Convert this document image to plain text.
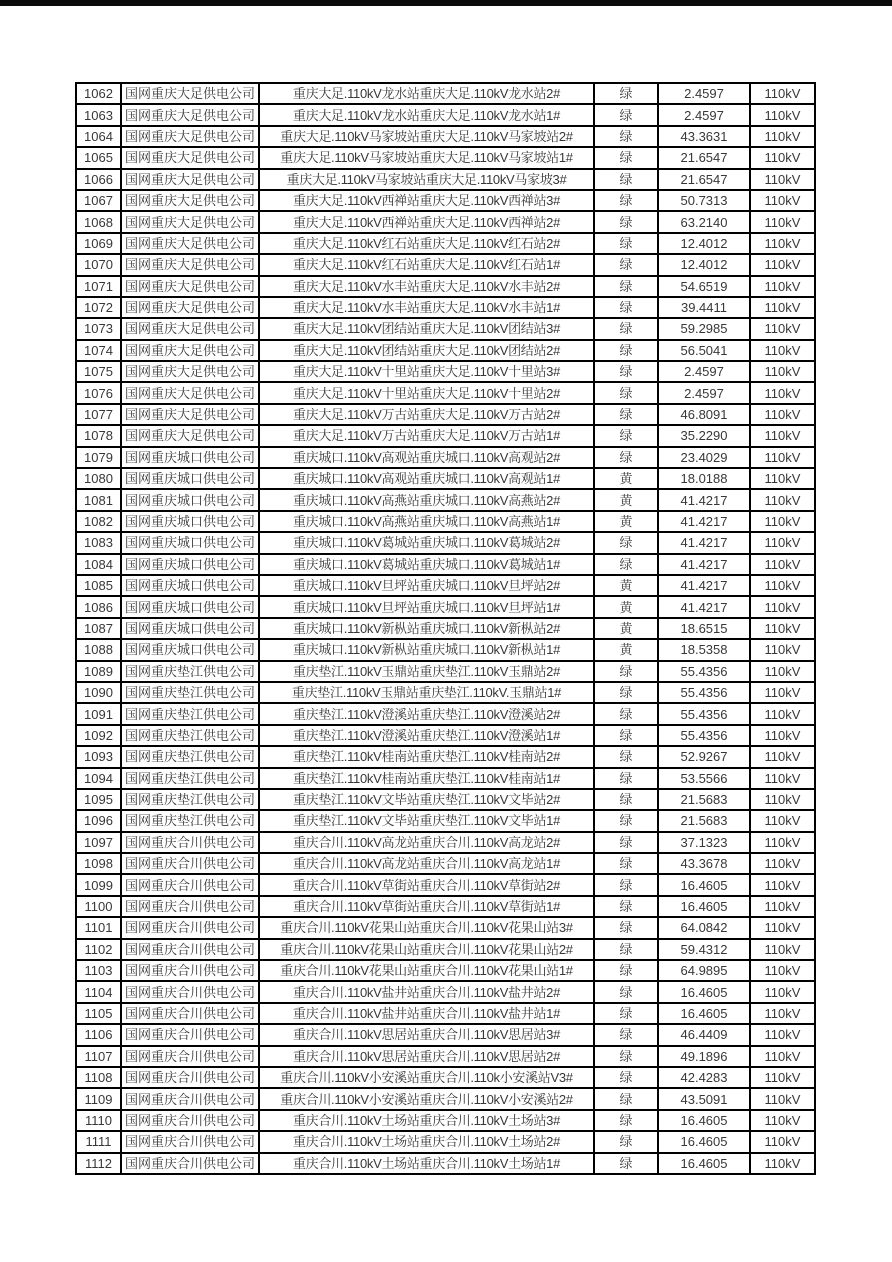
1062	国网重庆大足供电公司	重庆大足.110kV龙水站重庆大足.110kV龙水站2#	绿	2.4597	110kV
1063	国网重庆大足供电公司	重庆大足.110kV龙水站重庆大足.110kV龙水站1#	绿	2.4597	110kV
1064	国网重庆大足供电公司	重庆大足.110kV马家坡站重庆大足.110kV马家坡站2#	绿	43.3631	110kV
1065	国网重庆大足供电公司	重庆大足.110kV马家坡站重庆大足.110kV马家坡站1#	绿	21.6547	110kV
1066	国网重庆大足供电公司	重庆大足.110kV马家坡站重庆大足.110kV马家坡3#	绿	21.6547	110kV
1067	国网重庆大足供电公司	重庆大足.110kV西禅站重庆大足.110kV西禅站3#	绿	50.7313	110kV
1068	国网重庆大足供电公司	重庆大足.110kV西禅站重庆大足.110kV西禅站2#	绿	63.2140	110kV
1069	国网重庆大足供电公司	重庆大足.110kV红石站重庆大足.110kV红石站2#	绿	12.4012	110kV
1070	国网重庆大足供电公司	重庆大足.110kV红石站重庆大足.110kV红石站1#	绿	12.4012	110kV
1071	国网重庆大足供电公司	重庆大足.110kV水丰站重庆大足.110kV水丰站2#	绿	54.6519	110kV
1072	国网重庆大足供电公司	重庆大足.110kV水丰站重庆大足.110kV水丰站1#	绿	39.4411	110kV
1073	国网重庆大足供电公司	重庆大足.110kV团结站重庆大足.110kV团结站3#	绿	59.2985	110kV
1074	国网重庆大足供电公司	重庆大足.110kV团结站重庆大足.110kV团结站2#	绿	56.5041	110kV
1075	国网重庆大足供电公司	重庆大足.110kV十里站重庆大足.110kV十里站3#	绿	2.4597	110kV
1076	国网重庆大足供电公司	重庆大足.110kV十里站重庆大足.110kV十里站2#	绿	2.4597	110kV
1077	国网重庆大足供电公司	重庆大足.110kV万古站重庆大足.110kV万古站2#	绿	46.8091	110kV
1078	国网重庆大足供电公司	重庆大足.110kV万古站重庆大足.110kV万古站1#	绿	35.2290	110kV
1079	国网重庆城口供电公司	重庆城口.110kV高观站重庆城口.110kV高观站2#	绿	23.4029	110kV
1080	国网重庆城口供电公司	重庆城口.110kV高观站重庆城口.110kV高观站1#	黄	18.0188	110kV
1081	国网重庆城口供电公司	重庆城口.110kV高燕站重庆城口.110kV高燕站2#	黄	41.4217	110kV
1082	国网重庆城口供电公司	重庆城口.110kV高燕站重庆城口.110kV高燕站1#	黄	41.4217	110kV
1083	国网重庆城口供电公司	重庆城口.110kV葛城站重庆城口.110kV葛城站2#	绿	41.4217	110kV
1084	国网重庆城口供电公司	重庆城口.110kV葛城站重庆城口.110kV葛城站1#	绿	41.4217	110kV
1085	国网重庆城口供电公司	重庆城口.110kV旦坪站重庆城口.110kV旦坪站2#	黄	41.4217	110kV
1086	国网重庆城口供电公司	重庆城口.110kV旦坪站重庆城口.110kV旦坪站1#	黄	41.4217	110kV
1087	国网重庆城口供电公司	重庆城口.110kV新枞站重庆城口.110kV新枞站2#	黄	18.6515	110kV
1088	国网重庆城口供电公司	重庆城口.110kV新枞站重庆城口.110kV新枞站1#	黄	18.5358	110kV
1089	国网重庆垫江供电公司	重庆垫江.110kV玉鼎站重庆垫江.110kV玉鼎站2#	绿	55.4356	110kV
1090	国网重庆垫江供电公司	重庆垫江.110kV玉鼎站重庆垫江.110kV.玉鼎站1#	绿	55.4356	110kV
1091	国网重庆垫江供电公司	重庆垫江.110kV澄溪站重庆垫江.110kV澄溪站2#	绿	55.4356	110kV
1092	国网重庆垫江供电公司	重庆垫江.110kV澄溪站重庆垫江.110kV澄溪站1#	绿	55.4356	110kV
1093	国网重庆垫江供电公司	重庆垫江.110kV桂南站重庆垫江.110kV桂南站2#	绿	52.9267	110kV
1094	国网重庆垫江供电公司	重庆垫江.110kV桂南站重庆垫江.110kV桂南站1#	绿	53.5566	110kV
1095	国网重庆垫江供电公司	重庆垫江.110kV文毕站重庆垫江.110kV文毕站2#	绿	21.5683	110kV
1096	国网重庆垫江供电公司	重庆垫江.110kV文毕站重庆垫江.110kV文毕站1#	绿	21.5683	110kV
1097	国网重庆合川供电公司	重庆合川.110kV高龙站重庆合川.110kV高龙站2#	绿	37.1323	110kV
1098	国网重庆合川供电公司	重庆合川.110kV高龙站重庆合川.110kV高龙站1#	绿	43.3678	110kV
1099	国网重庆合川供电公司	重庆合川.110kV草街站重庆合川.110kV草街站2#	绿	16.4605	110kV
1100	国网重庆合川供电公司	重庆合川.110kV草街站重庆合川.110kV草街站1#	绿	16.4605	110kV
1101	国网重庆合川供电公司	重庆合川.110kV花果山站重庆合川.110kV花果山站3#	绿	64.0842	110kV
1102	国网重庆合川供电公司	重庆合川.110kV花果山站重庆合川.110kV花果山站2#	绿	59.4312	110kV
1103	国网重庆合川供电公司	重庆合川.110kV花果山站重庆合川.110kV花果山站1#	绿	64.9895	110kV
1104	国网重庆合川供电公司	重庆合川.110kV盐井站重庆合川.110kV盐井站2#	绿	16.4605	110kV
1105	国网重庆合川供电公司	重庆合川.110kV盐井站重庆合川.110kV盐井站1#	绿	16.4605	110kV
1106	国网重庆合川供电公司	重庆合川.110kV思居站重庆合川.110kV思居站3#	绿	46.4409	110kV
1107	国网重庆合川供电公司	重庆合川.110kV思居站重庆合川.110kV思居站2#	绿	49.1896	110kV
1108	国网重庆合川供电公司	重庆合川.110kV小安溪站重庆合川.110k小安溪站V3#	绿	42.4283	110kV
1109	国网重庆合川供电公司	重庆合川.110kV小安溪站重庆合川.110kV小安溪站2#	绿	43.5091	110kV
1110	国网重庆合川供电公司	重庆合川.110kV土场站重庆合川.110kV土场站3#	绿	16.4605	110kV
1111	国网重庆合川供电公司	重庆合川.110kV土场站重庆合川.110kV土场站2#	绿	16.4605	110kV
1112	国网重庆合川供电公司	重庆合川.110kV土场站重庆合川.110kV土场站1#	绿	16.4605	110kV
